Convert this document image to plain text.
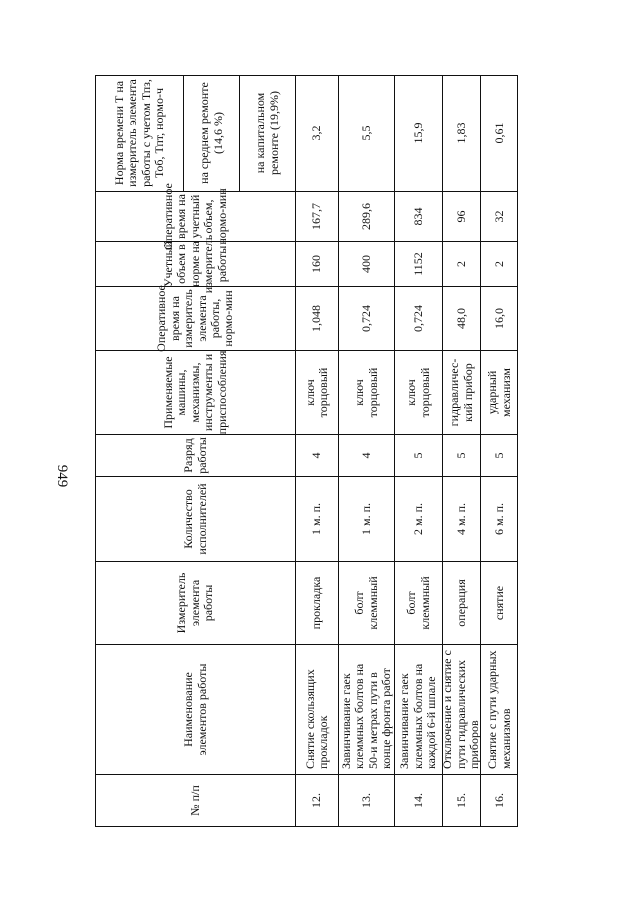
949
№ п/п
Наименование элементов работы
Измеритель элемента работы
Количество исполнителей
Разряд работы
Применяемые машины, механизмы, инструменты и приспособления
Оперативное время на измеритель элемента работы, нормо-мин
Учетный объем в норме на измеритель работы
Оперативное время на учетный объем, нормо-мин
Норма времени Т на измеритель элемента работы с учетом Тпз, Тоб, Тпт, нормо-ч	на среднем ремонте (14,6 %)	на капитальном ремонте (19,9%)
12.
Снятие скользящих прокладок
прокладка
1 м. п.
4
ключ торцовый
1,048
160
167,7
3,2
13.
Завинчивание гаек клеммных болтов на 50-и метрах пути в конце фронта работ
болт клеммный
1 м. п.
4
ключ торцовый
0,724
400
289,6
5,5
14.
Завинчивание гаек клеммных болтов на каждой 6-й шпале
болт клеммный
2 м. п.
5
ключ торцовый
0,724
1152
834
15,9
15.
Отключение и снятие с пути гидравлических приборов
операция
4 м. п.
5
гидравличес-кий прибор
48,0
2
96
1,83
16.
Снятие с пути ударных механизмов
снятие
6 м. п.
5
ударный механизм
16,0
2
32
0,61
